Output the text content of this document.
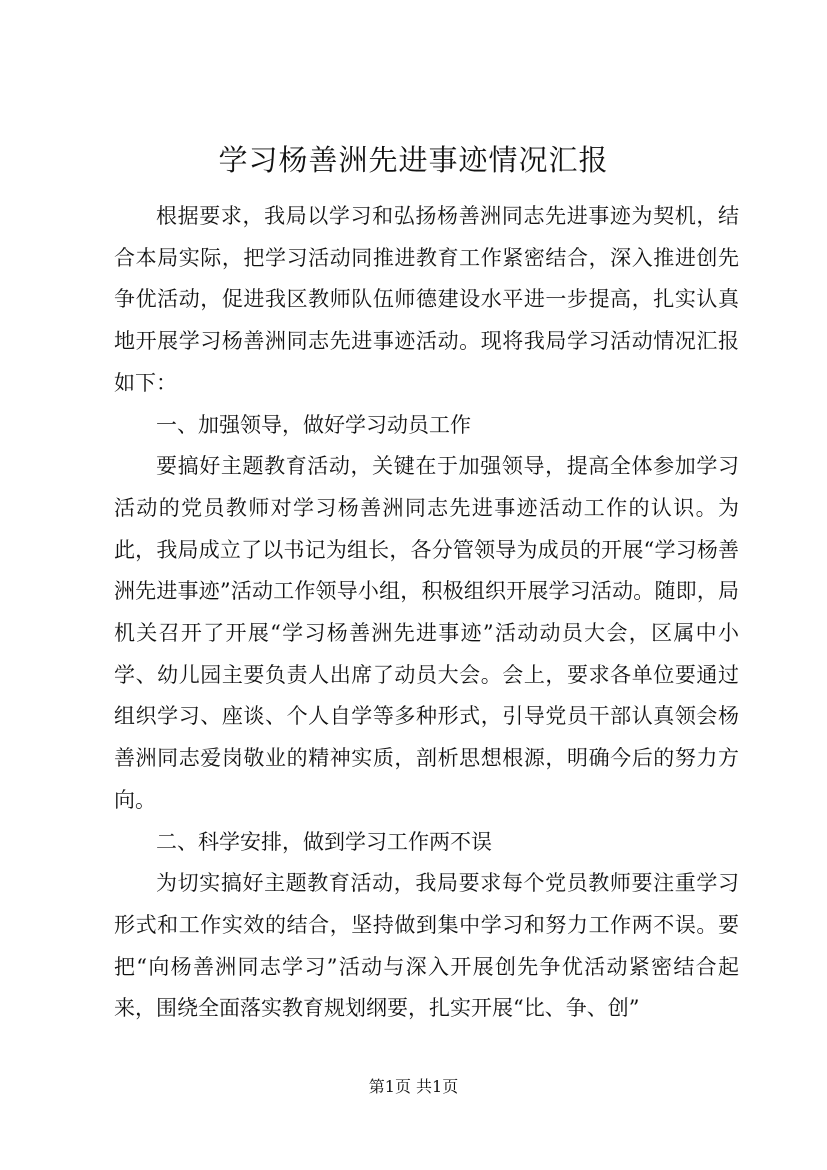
学习杨善洲先进事迹情况汇报

根据要求，我局以学习和弘扬杨善洲同志先进事迹为契机，结合本局实际，把学习活动同推进教育工作紧密结合，深入推进创先争优活动，促进我区教师队伍师德建设水平进一步提高，扎实认真地开展学习杨善洲同志先进事迹活动。现将我局学习活动情况汇报如下：

一、加强领导，做好学习动员工作

要搞好主题教育活动，关键在于加强领导，提高全体参加学习活动的党员教师对学习杨善洲同志先进事迹活动工作的认识。为此，我局成立了以书记为组长，各分管领导为成员的开展“学习杨善洲先进事迹”活动工作领导小组，积极组织开展学习活动。随即，局机关召开了开展“学习杨善洲先进事迹”活动动员大会，区属中小学、幼儿园主要负责人出席了动员大会。会上，要求各单位要通过组织学习、座谈、个人自学等多种形式，引导党员干部认真领会杨善洲同志爱岗敬业的精神实质，剖析思想根源，明确今后的努力方向。

二、科学安排，做到学习工作两不误

为切实搞好主题教育活动，我局要求每个党员教师要注重学习形式和工作实效的结合，坚持做到集中学习和努力工作两不误。要把“向杨善洲同志学习”活动与深入开展创先争优活动紧密结合起来，围绕全面落实教育规划纲要，扎实开展“比、争、创”

第1页 共1页
